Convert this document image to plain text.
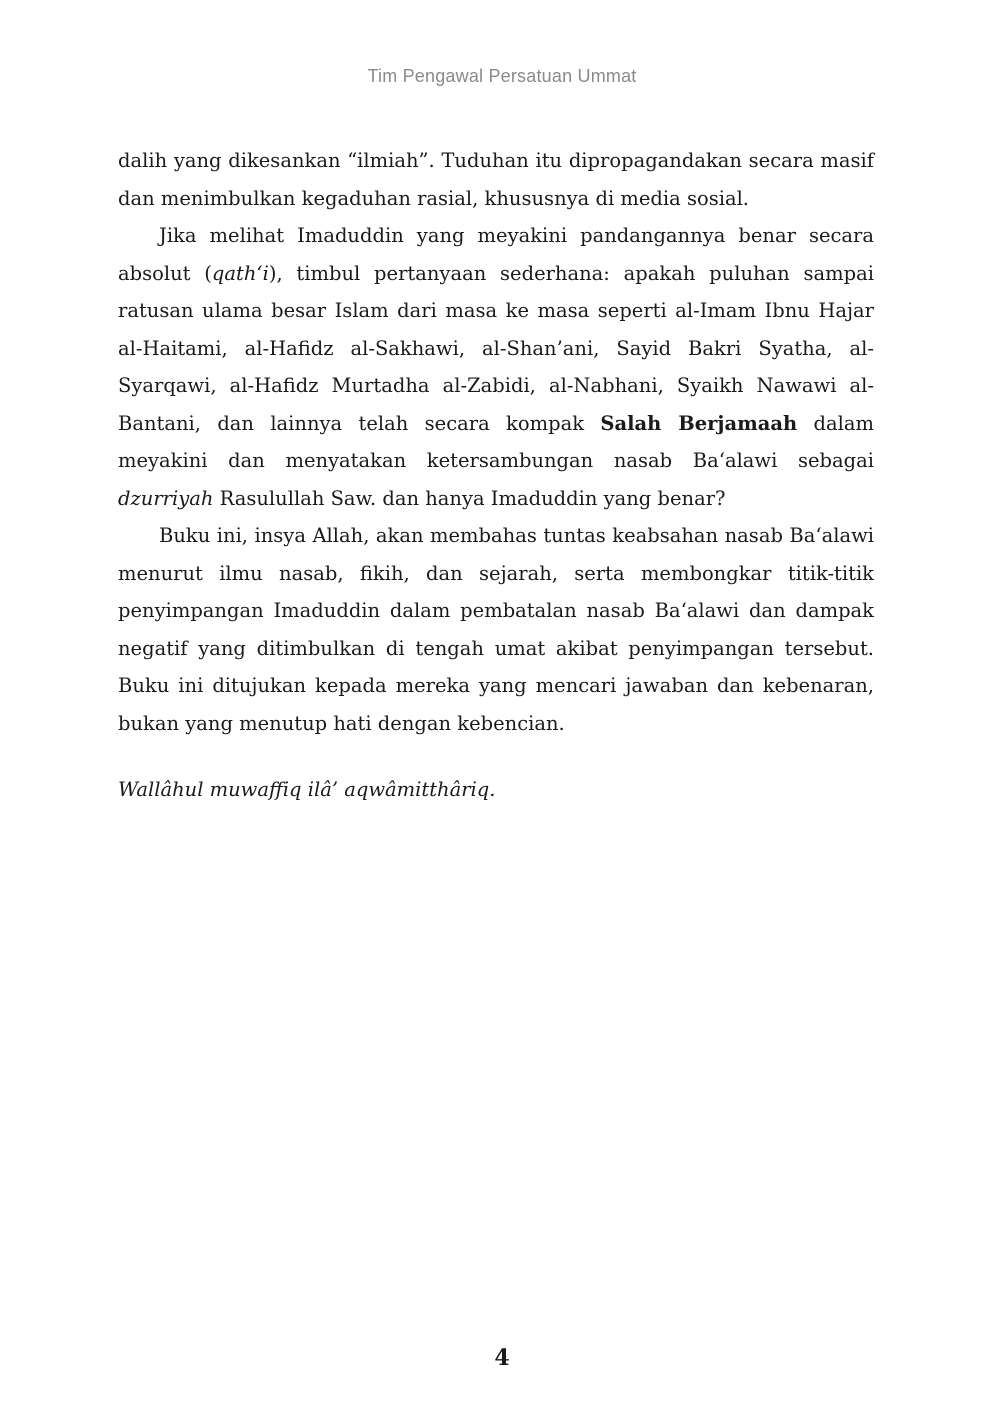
Tim Pengawal Persatuan Ummat

dalih yang dikesankan “ilmiah”. Tuduhan itu dipropagandakan secara masif dan menimbulkan kegaduhan rasial, khususnya di media sosial.

Jika melihat Imaduddin yang meyakini pandangannya benar secara absolut (qath‘i), timbul pertanyaan sederhana: apakah puluhan sampai ratusan ulama besar Islam dari masa ke masa seperti al-Imam Ibnu Hajar al-Haitami, al-Hafidz al-Sakhawi, al-Shan’ani, Sayid Bakri Syatha, al-Syarqawi, al-Hafidz Murtadha al-Zabidi, al-Nabhani, Syaikh Nawawi al-Bantani, dan lainnya telah secara kompak Salah Berjamaah dalam meyakini dan menyatakan ketersambungan nasab Ba‘alawi sebagai dzurriyah Rasulullah Saw. dan hanya Imaduddin yang benar?

Buku ini, insya Allah, akan membahas tuntas keabsahan nasab Ba‘alawi menurut ilmu nasab, fikih, dan sejarah, serta membongkar titik-titik penyimpangan Imaduddin dalam pembatalan nasab Ba‘alawi dan dampak negatif yang ditimbulkan di tengah umat akibat penyimpangan tersebut. Buku ini ditujukan kepada mereka yang mencari jawaban dan kebenaran, bukan yang menutup hati dengan kebencian.

Wallâhul muwaffiq ilâ’ aqwâmitthâriq.

4
